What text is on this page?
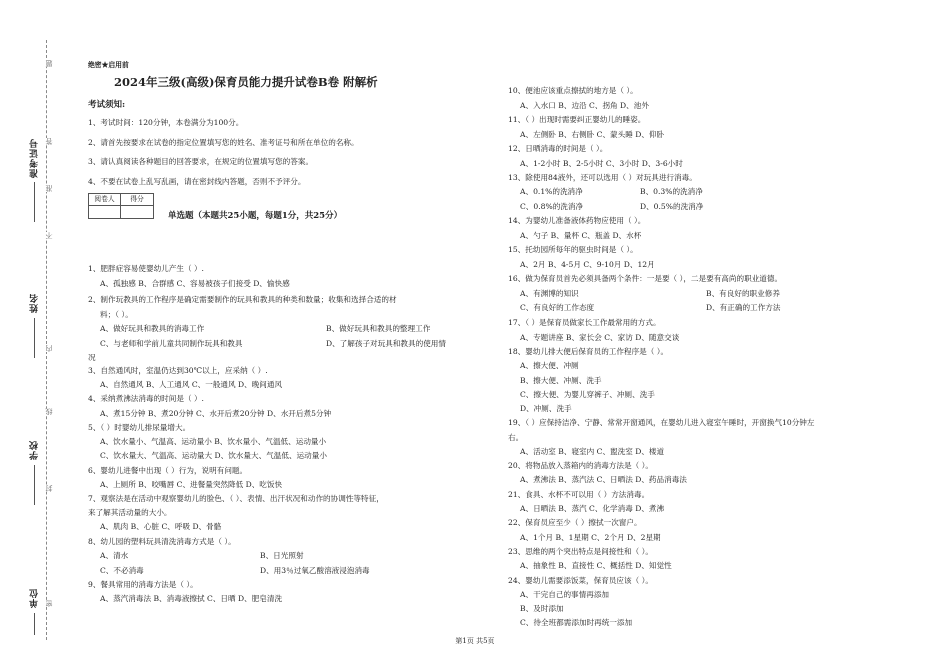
准考证号
姓名
学校
单位 密
封
线
内
不
准
答
题	绝密★启用前
2024年三级(高级)保育员能力提升试卷B卷 附解析
考试须知:
1、考试时间：120分钟，本卷满分为100分。
2、请首先按要求在试卷的指定位置填写您的姓名、准考证号和所在单位的名称。
3、请认真阅读各种题目的回答要求，在规定的位置填写您的答案。
4、不要在试卷上乱写乱画，请在密封线内答题，否则不予评分。
阅卷人	得分
单选题（本题共25小题，每题1分，共25分）
1、肥胖症容易使婴幼儿产生（ ）.
A、孤独感 B、合群感 C、容易被孩子们接受 D、愉快感
2、制作玩教具的工作程序是确定需要制作的玩具和教具的种类和数量；收集和选择合适的材
料；（ ）。
A、做好玩具和教具的消毒工作	B、做好玩具和教具的整理工作
C、与老师和学前儿童共同制作玩具和教具	D、了解孩子对玩具和教具的使用情
况
3、自然通风时，室温仍达到30℃以上，应采纳（ ）.
A、自然通风 B、人工通风 C、一般通风 D、晚间通风
4、采纳煮沸法消毒的时间是（ ）.
A、煮15分钟 B、煮20分钟 C、水开后煮20分钟 D、水开后煮5分钟
5、（ ）时婴幼儿排尿量增大。
A、饮水量小、气温高、运动量小 B、饮水量小、气温低、运动量小
C、饮水量大、气温高、运动量大 D、饮水量大、气温低、运动量小
6、婴幼儿进餐中出现（ ）行为，说明有问题。
A、上厕所 B、咬嘴唇 C、进餐量突然降低 D、吃饭快
7、观察法是在活动中观察婴幼儿的脸色、（ ）、表情、出汗状况和动作的协调性等特征，
来了解其活动量的大小。
A、肌肉 B、心脏 C、呼吸 D、骨骼
8、幼儿园的塑料玩具清洗消毒方式是（ ）。
A、清水	B、日光照射
C、不必消毒	D、用3％过氧乙酸溶液浸泡消毒
9、餐具常用的消毒方法是（ ）。
A、蒸汽消毒法 B、消毒液擦拭 C、日晒 D、肥皂清洗
10、便池应该重点擦拭的地方是（ ）。
A、入水口 B、边沿 C、拐角 D、池外
11、（ ）出现时需要纠正婴幼儿的睡姿。
A、左侧卧 B、右侧卧 C、蒙头睡 D、仰卧
12、日晒消毒的时间是（ ）。
A、1-2小时 B、2-5小时 C、3小时 D、3-6小时
13、除使用84液外，还可以选用（ ）对玩具进行消毒。
A、0.1%的洗消净	B、0.3%的洗消净
C、0.8%的洗消净	D、0.5%的洗消净
14、为婴幼儿准备液体药物应使用（ ）。
A、勺子 B、量杯 C、瓶盖 D、水杯
15、托幼园所每年的驱虫时间是（ ）。
A、2月 B、4-5月 C、9-10月 D、12月
16、做为保育员首先必须具备两个条件：一是要（ ），二是要有高尚的职业道德。
A、有渊博的知识	B、有良好的职业修养
C、有良好的工作态度	D、有正确的工作方法
17、（ ）是保育员做家长工作最常用的方式。
A、专题讲座 B、家长会 C、家访 D、随意交谈
18、婴幼儿排大便后保育员的工作程序是（ ）。
A、擦大便、冲厕
B、擦大便、冲厕、洗手
C、擦大便、为婴儿穿裤子、冲厕、洗手
D、冲厕、洗手
19、（ ）应保持洁净、宁静、常常开窗通风，在婴幼儿进入寝室午睡时，开窗换气10分钟左
右。
A、活动室 B、寝室内 C、盥洗室 D、楼道
20、将物品放入蒸箱内的消毒方法是（ ）。
A、煮沸法 B、蒸汽法 C、日晒法 D、药品消毒法
21、食具、水杯不可以用（ ）方法消毒。
A、日晒法 B、蒸汽 C、化学消毒 D、煮沸
22、保育员应至少（ ）擦拭一次窗户。
A、1个月 B、1星期 C、2个月 D、2星期
23、思维的两个突出特点是间接性和（ ）。
A、抽象性 B、直接性 C、概括性 D、知觉性
24、婴幼儿需要添饭菜，保育员应该（ ）。
A、干完自己的事情再添加
B、及时添加
C、待全班都需添加时再统一添加
第1页 共5页
